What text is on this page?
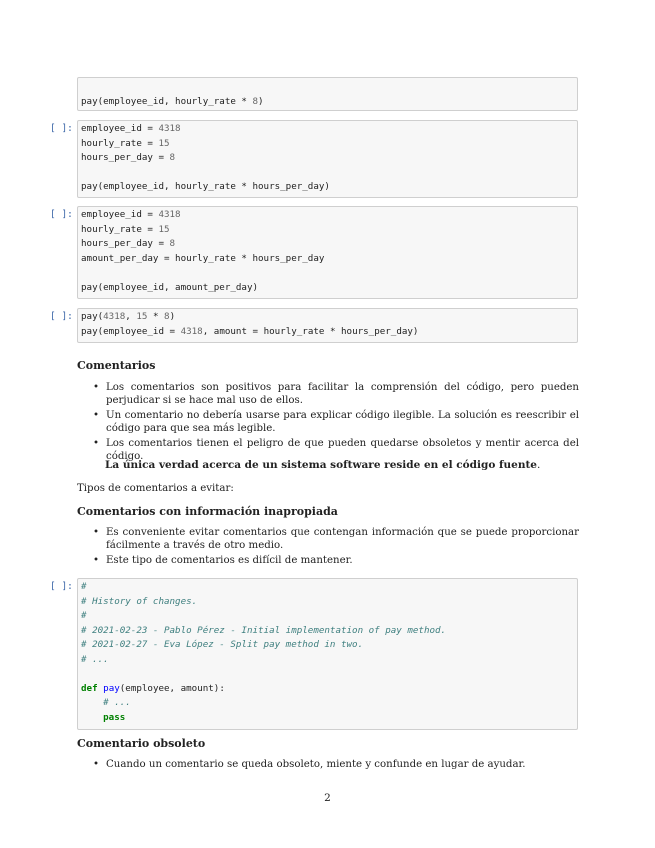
pay(employee_id, hourly_rate * 8)
[ ]: employee_id = 4318
hourly_rate = 15
hours_per_day = 8

pay(employee_id, hourly_rate * hours_per_day)
[ ]: employee_id = 4318
hourly_rate = 15
hours_per_day = 8
amount_per_day = hourly_rate * hours_per_day

pay(employee_id, amount_per_day)
[ ]: pay(4318, 15 * 8)
pay(employee_id = 4318, amount = hourly_rate * hours_per_day)
Comentarios
• Los comentarios son positivos para facilitar la comprensión del código, pero pueden perjudicar si se hace mal uso de ellos.
• Un comentario no debería usarse para explicar código ilegible. La solución es reescribir el código para que sea más legible.
• Los comentarios tienen el peligro de que pueden quedarse obsoletos y mentir acerca del código.
La única verdad acerca de un sistema software reside en el código fuente.
Tipos de comentarios a evitar:
Comentarios con información inapropiada
• Es conveniente evitar comentarios que contengan información que se puede proporcionar fácilmente a través de otro medio.
• Este tipo de comentarios es difícil de mantener.
[ ]: #
# History of changes.
#
# 2021-02-23 - Pablo Pérez - Initial implementation of pay method.
# 2021-02-27 - Eva López - Split pay method in two.
# ...

def pay(employee, amount):
# ...
pass
Comentario obsoleto
• Cuando un comentario se queda obsoleto, miente y confunde en lugar de ayudar.
2
